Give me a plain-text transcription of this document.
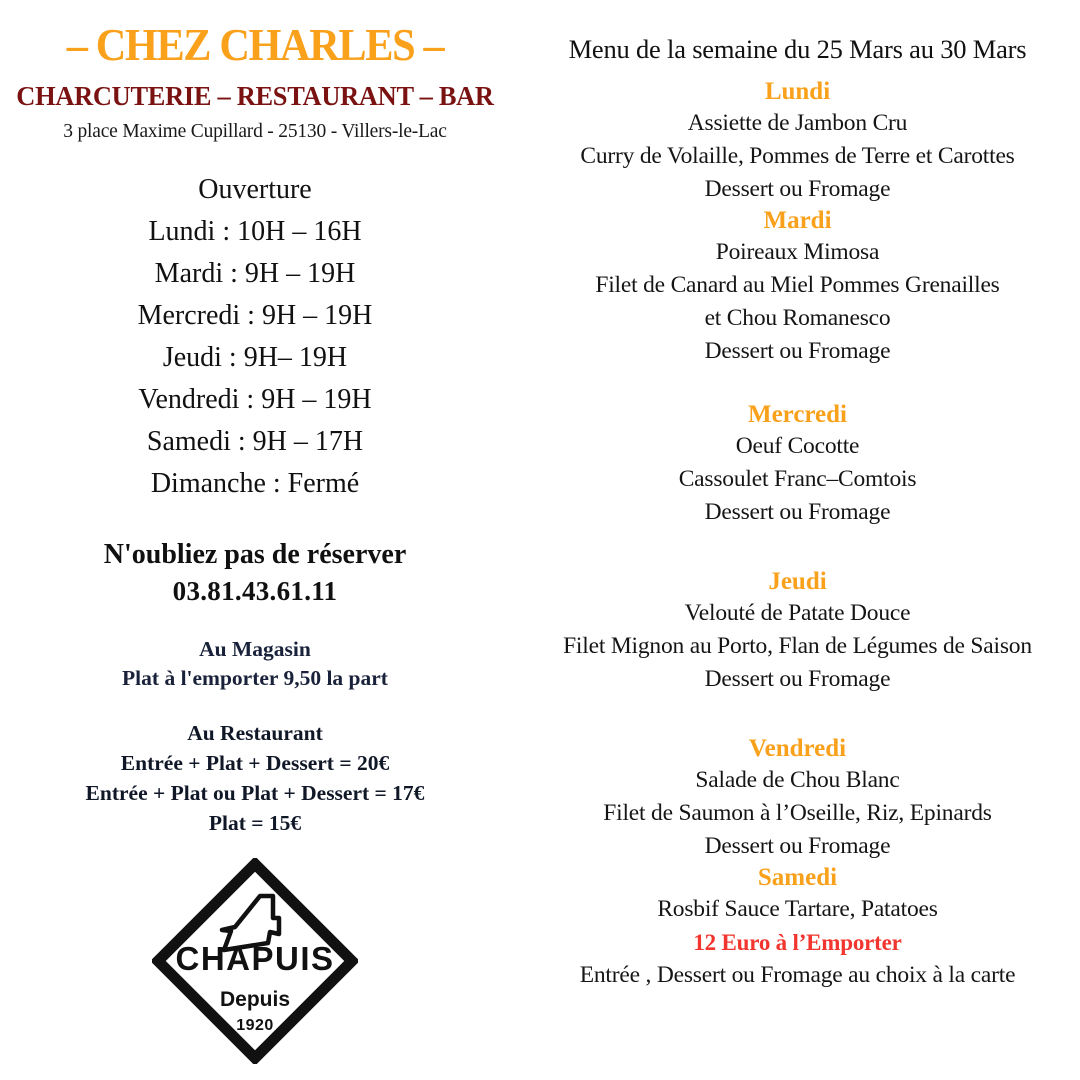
– CHEZ CHARLES –
CHARCUTERIE – RESTAURANT – BAR
3 place Maxime Cupillard - 25130 - Villers-le-Lac
Ouverture
Lundi : 10H – 16H
Mardi : 9H – 19H
Mercredi : 9H – 19H
Jeudi : 9H– 19H
Vendredi : 9H – 19H
Samedi : 9H – 17H
Dimanche : Fermé
N'oubliez pas de réserver
03.81.43.61.11
Au Magasin
Plat à l'emporter 9,50 la part
Au Restaurant
Entrée + Plat + Dessert = 20€
Entrée + Plat ou Plat + Dessert = 17€
Plat = 15€
CHAPUIS
Depuis
1920
Menu de la semaine du 25 Mars au 30 Mars
Lundi
Assiette de Jambon Cru
Curry de Volaille, Pommes de Terre et Carottes
Dessert ou Fromage
Mardi
Poireaux Mimosa
Filet de Canard au Miel Pommes Grenailles
et Chou Romanesco
Dessert ou Fromage
Mercredi
Oeuf Cocotte
Cassoulet Franc–Comtois
Dessert ou Fromage
Jeudi
Velouté de Patate Douce
Filet Mignon au Porto, Flan de Légumes de Saison
Dessert ou Fromage
Vendredi
Salade de Chou Blanc
Filet de Saumon à l’Oseille, Riz, Epinards
Dessert ou Fromage
Samedi
Rosbif Sauce Tartare, Patatoes
12 Euro à l’Emporter
Entrée , Dessert ou Fromage au choix à la carte
